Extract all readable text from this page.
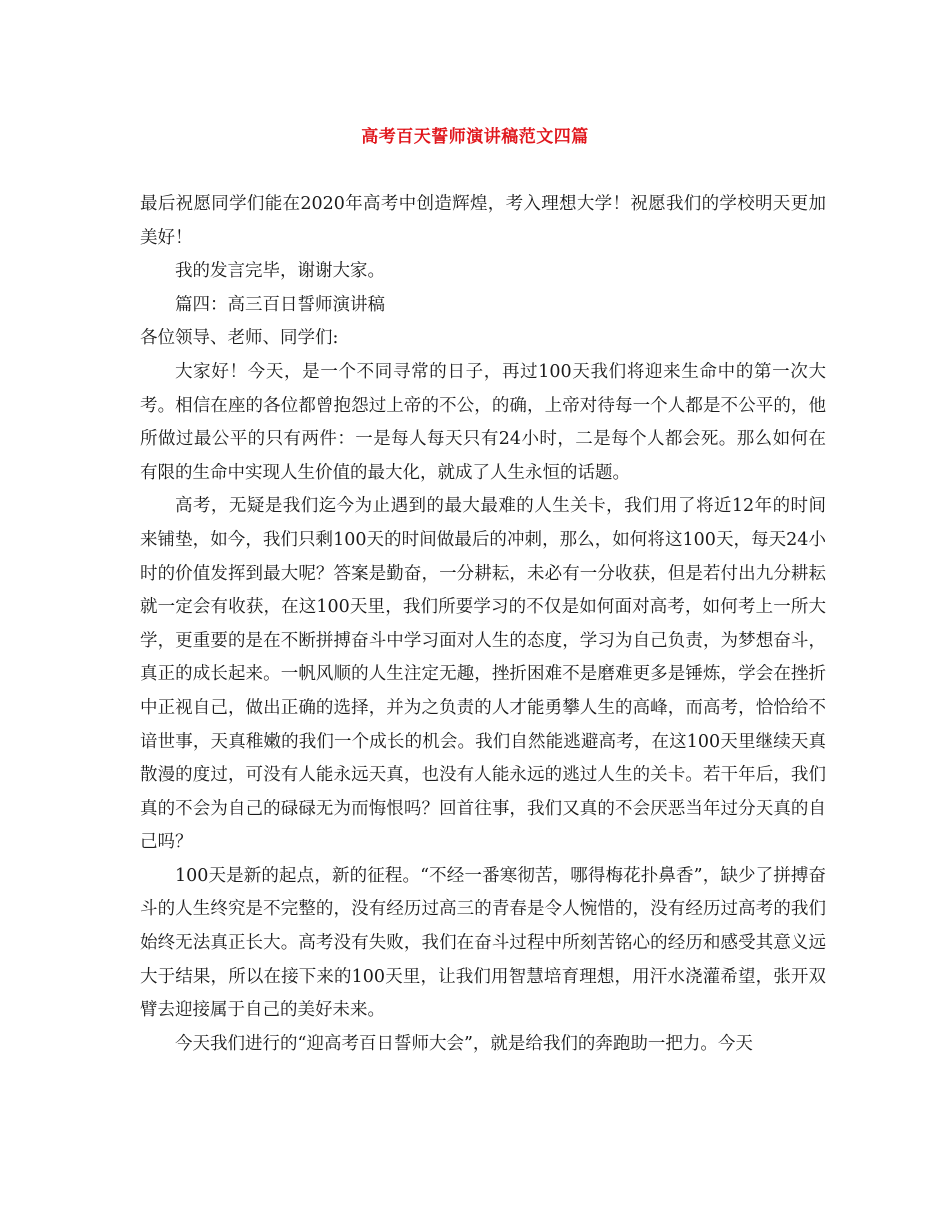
高考百天誓师演讲稿范文四篇

最后祝愿同学们能在2020年高考中创造辉煌，考入理想大学！祝愿我们的学校明天更加美好！

我的发言完毕，谢谢大家。

篇四：高三百日誓师演讲稿

各位领导、老师、同学们:

大家好！今天，是一个不同寻常的日子，再过100天我们将迎来生命中的第一次大考。相信在座的各位都曾抱怨过上帝的不公，的确，上帝对待每一个人都是不公平的，他所做过最公平的只有两件：一是每人每天只有24小时，二是每个人都会死。那么如何在有限的生命中实现人生价值的最大化，就成了人生永恒的话题。

高考，无疑是我们迄今为止遇到的最大最难的人生关卡，我们用了将近12年的时间来铺垫，如今，我们只剩100天的时间做最后的冲刺，那么，如何将这100天，每天24小时的价值发挥到最大呢？答案是勤奋，一分耕耘，未必有一分收获，但是若付出九分耕耘就一定会有收获，在这100天里，我们所要学习的不仅是如何面对高考，如何考上一所大学，更重要的是在不断拼搏奋斗中学习面对人生的态度，学习为自己负责，为梦想奋斗，真正的成长起来。一帆风顺的人生注定无趣，挫折困难不是磨难更多是锤炼，学会在挫折中正视自己，做出正确的选择，并为之负责的人才能勇攀人生的高峰，而高考，恰恰给不谙世事，天真稚嫩的我们一个成长的机会。我们自然能逃避高考，在这100天里继续天真散漫的度过，可没有人能永远天真，也没有人能永远的逃过人生的关卡。若干年后，我们真的不会为自己的碌碌无为而悔恨吗？回首往事，我们又真的不会厌恶当年过分天真的自己吗？

100天是新的起点，新的征程。“不经一番寒彻苦，哪得梅花扑鼻香”，缺少了拼搏奋斗的人生终究是不完整的，没有经历过高三的青春是令人惋惜的，没有经历过高考的我们始终无法真正长大。高考没有失败，我们在奋斗过程中所刻苦铭心的经历和感受其意义远大于结果，所以在接下来的100天里，让我们用智慧培育理想，用汗水浇灌希望，张开双臂去迎接属于自己的美好未来。

今天我们进行的“迎高考百日誓师大会”，就是给我们的奔跑助一把力。今天
